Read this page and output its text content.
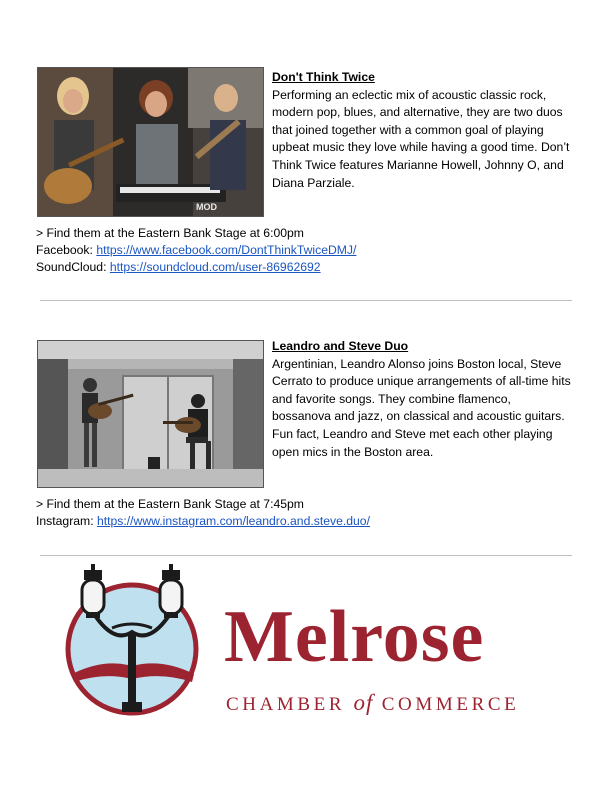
MOD
Don't Think Twice

Performing an eclectic mix of acoustic classic rock, modern pop, blues, and alternative, they are two duos that joined together with a common goal of playing upbeat music they love while having a good time. Don’t Think Twice features Marianne Howell, Johnny O, and Diana Parziale.

> Find them at the Eastern Bank Stage at 6:00pm
Facebook: https://www.facebook.com/DontThinkTwiceDMJ/
SoundCloud: https://soundcloud.com/user-86962692
Leandro and Steve Duo

Argentinian, Leandro Alonso joins Boston local, Steve Cerrato to produce unique arrangements of all-time hits and favorite songs. They combine flamenco, bossanova and jazz, on classical and acoustic guitars. Fun fact, Leandro and Steve met each other playing open mics in the Boston area.

> Find them at the Eastern Bank Stage at 7:45pm
Instagram: https://www.instagram.com/leandro.and.steve.duo/
Melrose
CHAMBER of COMMERCE
